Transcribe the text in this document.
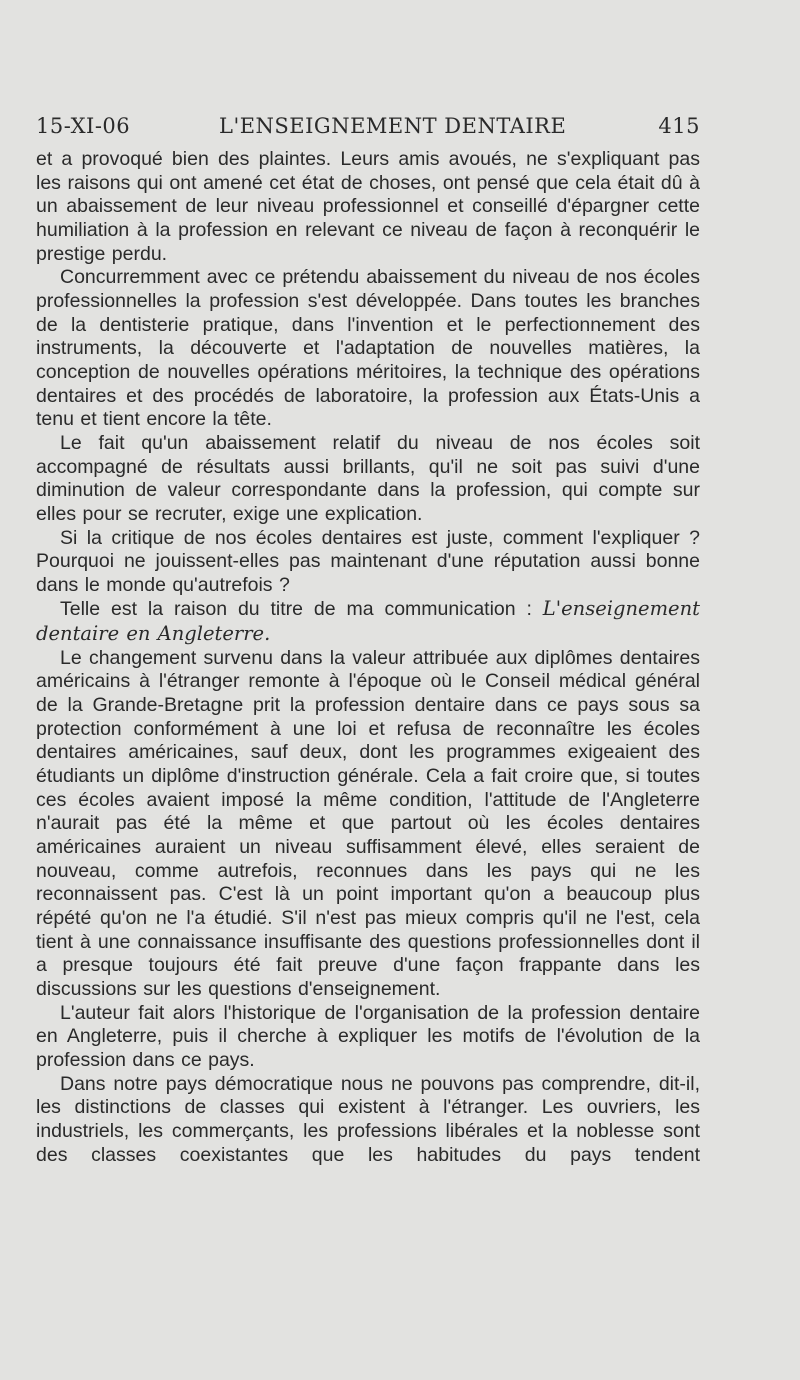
15-XI-06	L'ENSEIGNEMENT DENTAIRE	415

et a provoqué bien des plaintes. Leurs amis avoués, ne s'expliquant pas les raisons qui ont amené cet état de choses, ont pensé que cela était dû à un abaissement de leur niveau professionnel et conseillé d'épargner cette humiliation à la profession en relevant ce niveau de façon à reconquérir le prestige perdu.

Concurremment avec ce prétendu abaissement du niveau de nos écoles professionnelles la profession s'est développée. Dans toutes les branches de la dentisterie pratique, dans l'invention et le perfectionnement des instruments, la découverte et l'adaptation de nouvelles matières, la conception de nouvelles opérations méritoires, la technique des opérations dentaires et des procédés de laboratoire, la profession aux États-Unis a tenu et tient encore la tête.

Le fait qu'un abaissement relatif du niveau de nos écoles soit accompagné de résultats aussi brillants, qu'il ne soit pas suivi d'une diminution de valeur correspondante dans la profession, qui compte sur elles pour se recruter, exige une explication.

Si la critique de nos écoles dentaires est juste, comment l'expliquer ? Pourquoi ne jouissent-elles pas maintenant d'une réputation aussi bonne dans le monde qu'autrefois ?

Telle est la raison du titre de ma communication : L'enseignement dentaire en Angleterre.

Le changement survenu dans la valeur attribuée aux diplômes dentaires américains à l'étranger remonte à l'époque où le Conseil médical général de la Grande-Bretagne prit la profession dentaire dans ce pays sous sa protection conformément à une loi et refusa de reconnaître les écoles dentaires américaines, sauf deux, dont les programmes exigeaient des étudiants un diplôme d'instruction générale. Cela a fait croire que, si toutes ces écoles avaient imposé la même condition, l'attitude de l'Angleterre n'aurait pas été la même et que partout où les écoles dentaires américaines auraient un niveau suffisamment élevé, elles seraient de nouveau, comme autrefois, reconnues dans les pays qui ne les reconnaissent pas. C'est là un point important qu'on a beaucoup plus répété qu'on ne l'a étudié. S'il n'est pas mieux compris qu'il ne l'est, cela tient à une connaissance insuffisante des questions professionnelles dont il a presque toujours été fait preuve d'une façon frappante dans les discussions sur les questions d'enseignement.

L'auteur fait alors l'historique de l'organisation de la profession dentaire en Angleterre, puis il cherche à expliquer les motifs de l'évolution de la profession dans ce pays.

Dans notre pays démocratique nous ne pouvons pas comprendre, dit-il, les distinctions de classes qui existent à l'étranger. Les ouvriers, les industriels, les commerçants, les professions libérales et la noblesse sont des classes coexistantes que les habitudes du pays tendent
